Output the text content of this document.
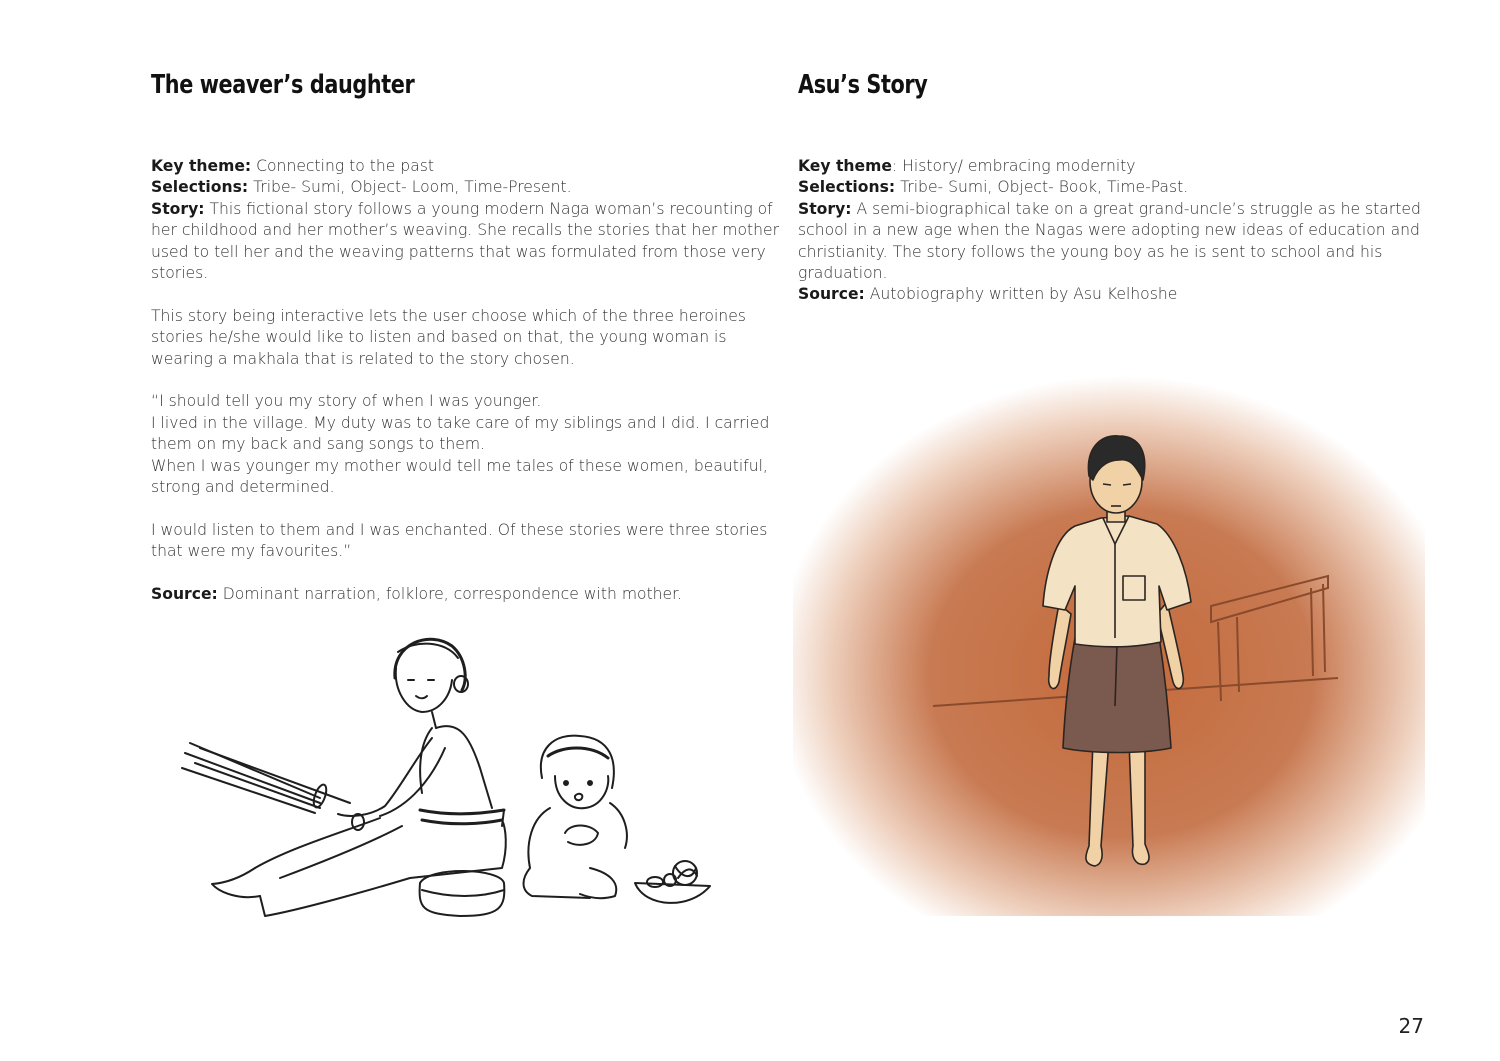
The weaver’s daughter

Key theme: Connecting to the past

Selections: Tribe- Sumi, Object- Loom, Time-Present.

Story: This fictional story follows a young modern Naga woman’s recounting of her childhood and her mother’s weaving. She recalls the stories that her mother used to tell her and the weaving patterns that was formulated from those very stories.

This story being interactive lets the user choose which of the three heroines stories he/she would like to listen and based on that, the young woman is wearing a makhala that is related to the story chosen.

“I should tell you my story of when I was younger.

I lived in the village. My duty was to take care of my siblings and I did. I carried them on my back and sang songs to them.

When I was younger my mother would tell me tales of these women, beautiful, strong and determined.

I would listen to them and I was enchanted. Of these stories were three stories that were my favourites.”

Source: Dominant narration, folklore, correspondence with mother.

Asu’s Story

Key theme: History/ embracing modernity

Selections: Tribe- Sumi, Object- Book, Time-Past.

Story: A semi-biographical take on a great grand-uncle’s struggle as he started school in a new age when the Nagas were adopting new ideas of education and christianity. The story follows the young boy as he is sent to school and his graduation.

Source: Autobiography written by Asu Kelhoshe

27
